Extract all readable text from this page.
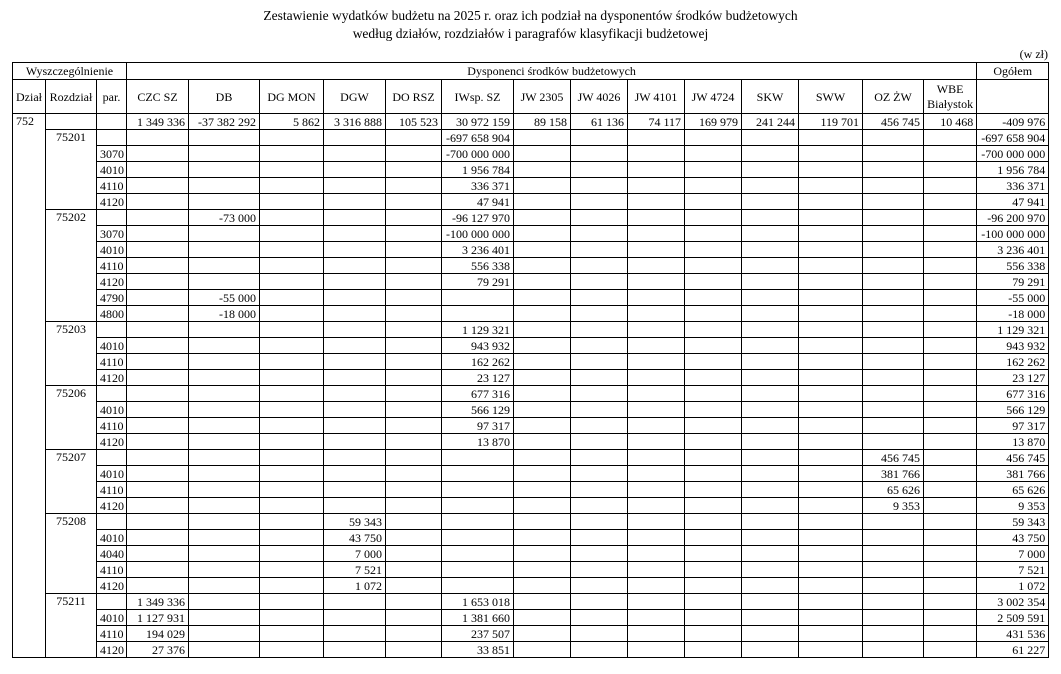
Zestawienie wydatków budżetu na 2025 r. oraz ich podział na dysponentów środków budżetowych
według działów, rozdziałów i paragrafów klasyfikacji budżetowej
(w zł)
Wyszczególnienie			Dysponenci środków budżetowych														Ogółem
Dział	Rozdział	par.	CZC SZ	DB	DG MON	DGW	DO RSZ	IWsp. SZ	JW 2305	JW 4026	JW 4101	JW 4724	SKW	SWW	OZ ŻW	WBE Białystok	
752			1 349 336	-37 382 292	5 862	3 316 888	105 523	30 972 159	89 158	61 136	74 117	169 979	241 244	119 701	456 745	10 468	-409 976
	75201							-697 658 904									-697 658 904
		3070						-700 000 000									-700 000 000
		4010						1 956 784									1 956 784
		4110						336 371									336 371
		4120						47 941									47 941
	75202			-73 000				-96 127 970									-96 200 970
		3070						-100 000 000									-100 000 000
		4010						3 236 401									3 236 401
		4110						556 338									556 338
		4120						79 291									79 291
		4790		-55 000													-55 000
		4800		-18 000													-18 000
	75203							1 129 321									1 129 321
		4010						943 932									943 932
		4110						162 262									162 262
		4120						23 127									23 127
	75206							677 316									677 316
		4010						566 129									566 129
		4110						97 317									97 317
		4120						13 870									13 870
	75207														456 745		456 745
		4010													381 766		381 766
		4110													65 626		65 626
		4120													9 353		9 353
	75208					59 343											59 343
		4010				43 750											43 750
		4040				7 000											7 000
		4110				7 521											7 521
		4120				1 072											1 072
	75211		1 349 336					1 653 018									3 002 354
		4010	1 127 931					1 381 660									2 509 591
		4110	194 029					237 507									431 536
		4120	27 376					33 851									61 227
